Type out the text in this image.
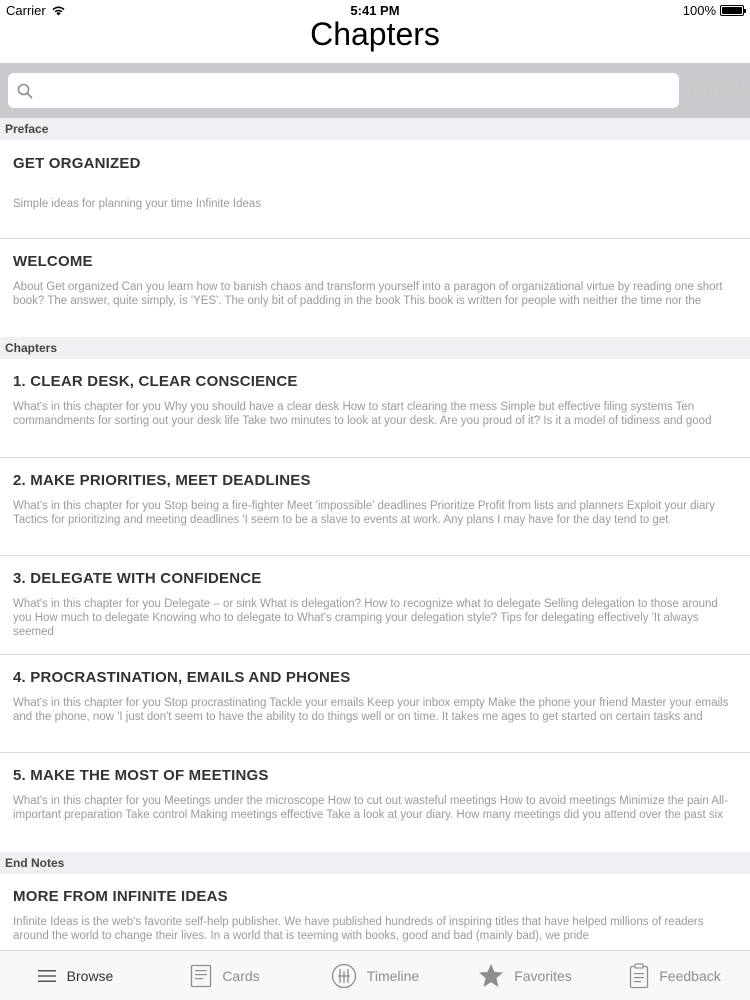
Carrier	5:41 PM	100%
Chapters
Cancel
Preface
GET ORGANIZED
Simple ideas for planning your time Infinite Ideas
WELCOME
About Get organized Can you learn how to banish chaos and transform yourself into a paragon of organizational virtue by reading one short book? The answer, quite simply, is 'YES'. The only bit of padding in the book This book is written for people with neither the time nor the
Chapters
1. CLEAR DESK, CLEAR CONSCIENCE
What's in this chapter for you Why you should have a clear desk How to start clearing the mess Simple but effective filing systems Ten commandments for sorting out your desk life Take two minutes to look at your desk. Are you proud of it? Is it a model of tidiness and good
2. MAKE PRIORITIES, MEET DEADLINES
What's in this chapter for you Stop being a fire-fighter Meet 'impossible' deadlines Prioritize Profit from lists and planners Exploit your diary Tactics for prioritizing and meeting deadlines 'I seem to be a slave to events at work. Any plans I may have for the day tend to get
3. DELEGATE WITH CONFIDENCE
What's in this chapter for you Delegate – or sink What is delegation? How to recognize what to delegate Selling delegation to those around you How much to delegate Knowing who to delegate to What's cramping your delegation style? Tips for delegating effectively 'It always seemed
4. PROCRASTINATION, EMAILS AND PHONES
What's in this chapter for you Stop procrastinating Tackle your emails Keep your inbox empty Make the phone your friend Master your emails and the phone, now 'I just don't seem to have the ability to do things well or on time. It takes me ages to get started on certain tasks and
5. MAKE THE MOST OF MEETINGS
What's in this chapter for you Meetings under the microscope How to cut out wasteful meetings How to avoid meetings Minimize the pain All-important preparation Take control Making meetings effective Take a look at your diary. How many meetings did you attend over the past six
End Notes
MORE FROM INFINITE IDEAS
Infinite Ideas is the web's favorite self-help publisher. We have published hundreds of inspiring titles that have helped millions of readers around the world to change their lives. In a world that is teeming with books, good and bad (mainly bad), we pride
Browse	Cards	Timeline	Favorites	Feedback
